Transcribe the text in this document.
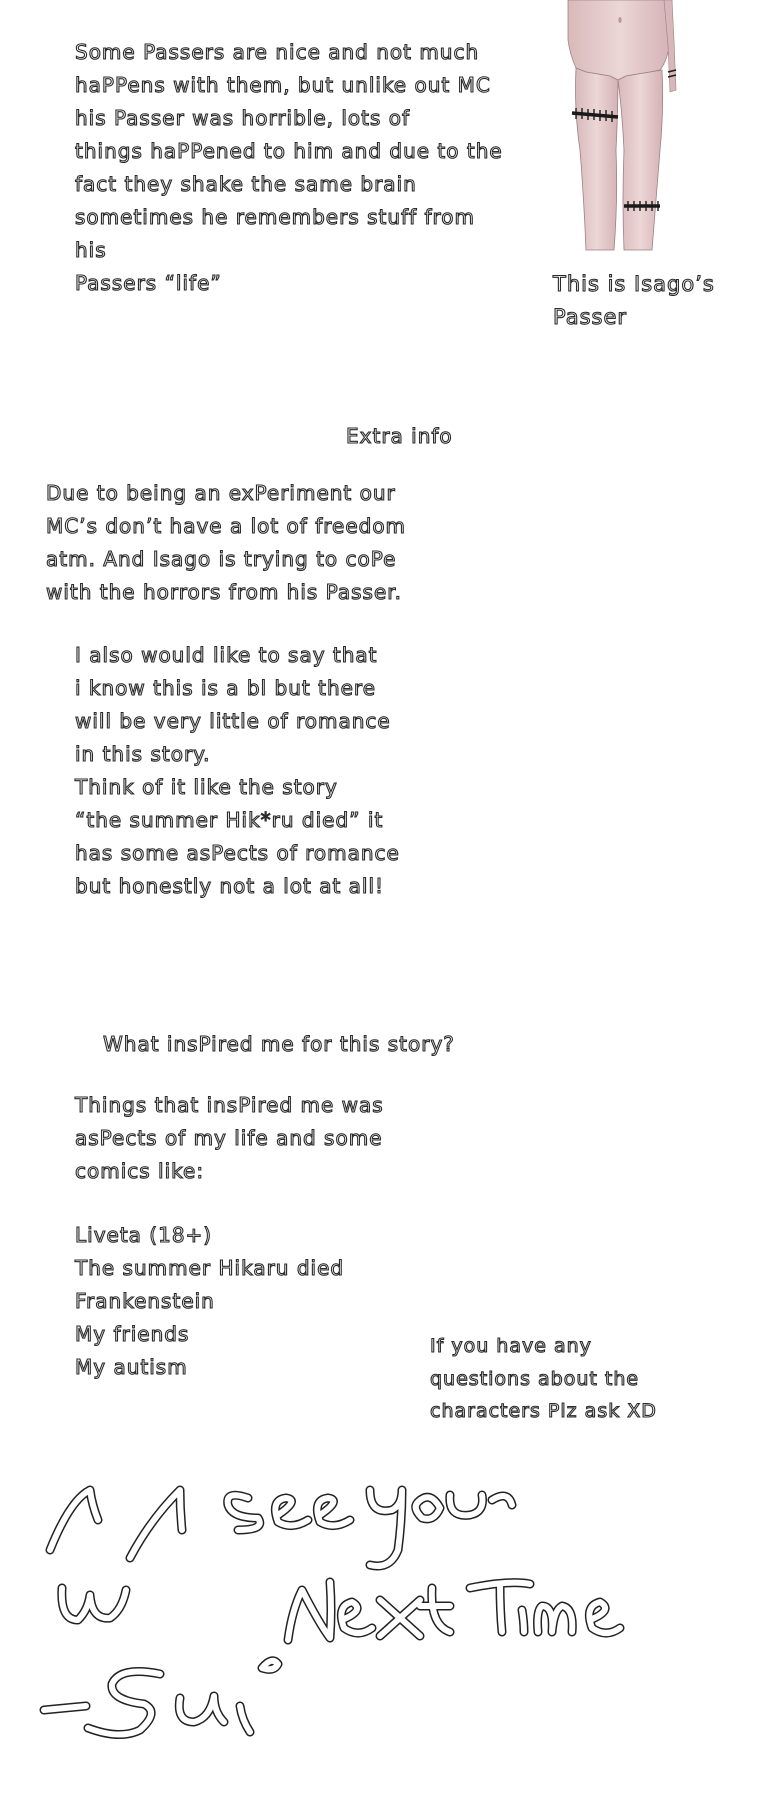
Some Passers are nice and not much
haPPens with them, but unlike out MC
his Passer was horrible, lots of
things haPPened to him and due to the
fact they shake the same brain
sometimes he remembers stuff from his
Passers “life”	This is Isago’s
Passer

Extra info

Due to being an exPeriment our
MC’s don’t have a lot of freedom
atm. And Isago is trying to coPe
with the horrors from his Passer.

I also would like to say that
i know this is a bl but there
will be very little of romance
in this story.
Think of it like the story
“the summer Hik*ru died” it
has some asPects of romance
but honestly not a lot at all!

What insPired me for this story?

Things that insPired me was
asPects of my life and some
comics like:

Liveta (18+)
The summer Hikaru died
Frankenstein
My friends
My autism

If you have any
questions about the
characters Plz ask XD
